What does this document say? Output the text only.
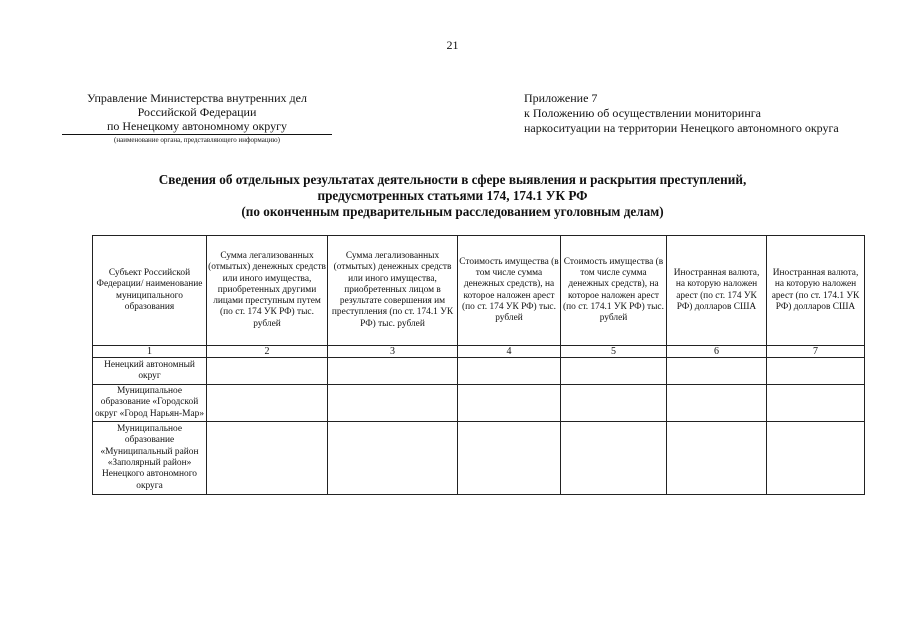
21
Управление Министерства внутренних дел
Российской Федерации
по Ненецкому автономному округу
(наименование органа, представляющего информацию)
Приложение 7
к Положению об осуществлении мониторинга
наркоситуации на территории Ненецкого автономного округа
Сведения об отдельных результатах деятельности в сфере выявления и раскрытия преступлений,
предусмотренных статьями 174, 174.1 УК РФ
(по оконченным предварительным расследованием уголовным делам)
Субъект Российской Федерации/ наименование муниципального образования	Сумма легализованных (отмытых) денежных средств или иного имущества, приобретенных другими лицами преступным путем (по ст. 174 УК РФ) тыс. рублей	Сумма легализованных (отмытых) денежных средств или иного имущества, приобретенных лицом в результате совершения им преступления (по ст. 174.1 УК РФ) тыс. рублей	Стоимость имущества (в том числе сумма денежных средств), на которое наложен арест (по ст. 174 УК РФ) тыс. рублей	Стоимость имущества (в том числе сумма денежных средств), на которое наложен арест (по ст. 174.1 УК РФ) тыс. рублей	Иностранная валюта, на которую наложен арест (по ст. 174 УК РФ) долларов США	Иностранная валюта, на которую наложен арест (по ст. 174.1 УК РФ) долларов США
1	2	3	4	5	6	7
Ненецкий автономный округ						
Муниципальное образование «Городской округ «Город Нарьян-Мар»						
Муниципальное образование «Муниципальный район «Заполярный район» Ненецкого автономного округа						
